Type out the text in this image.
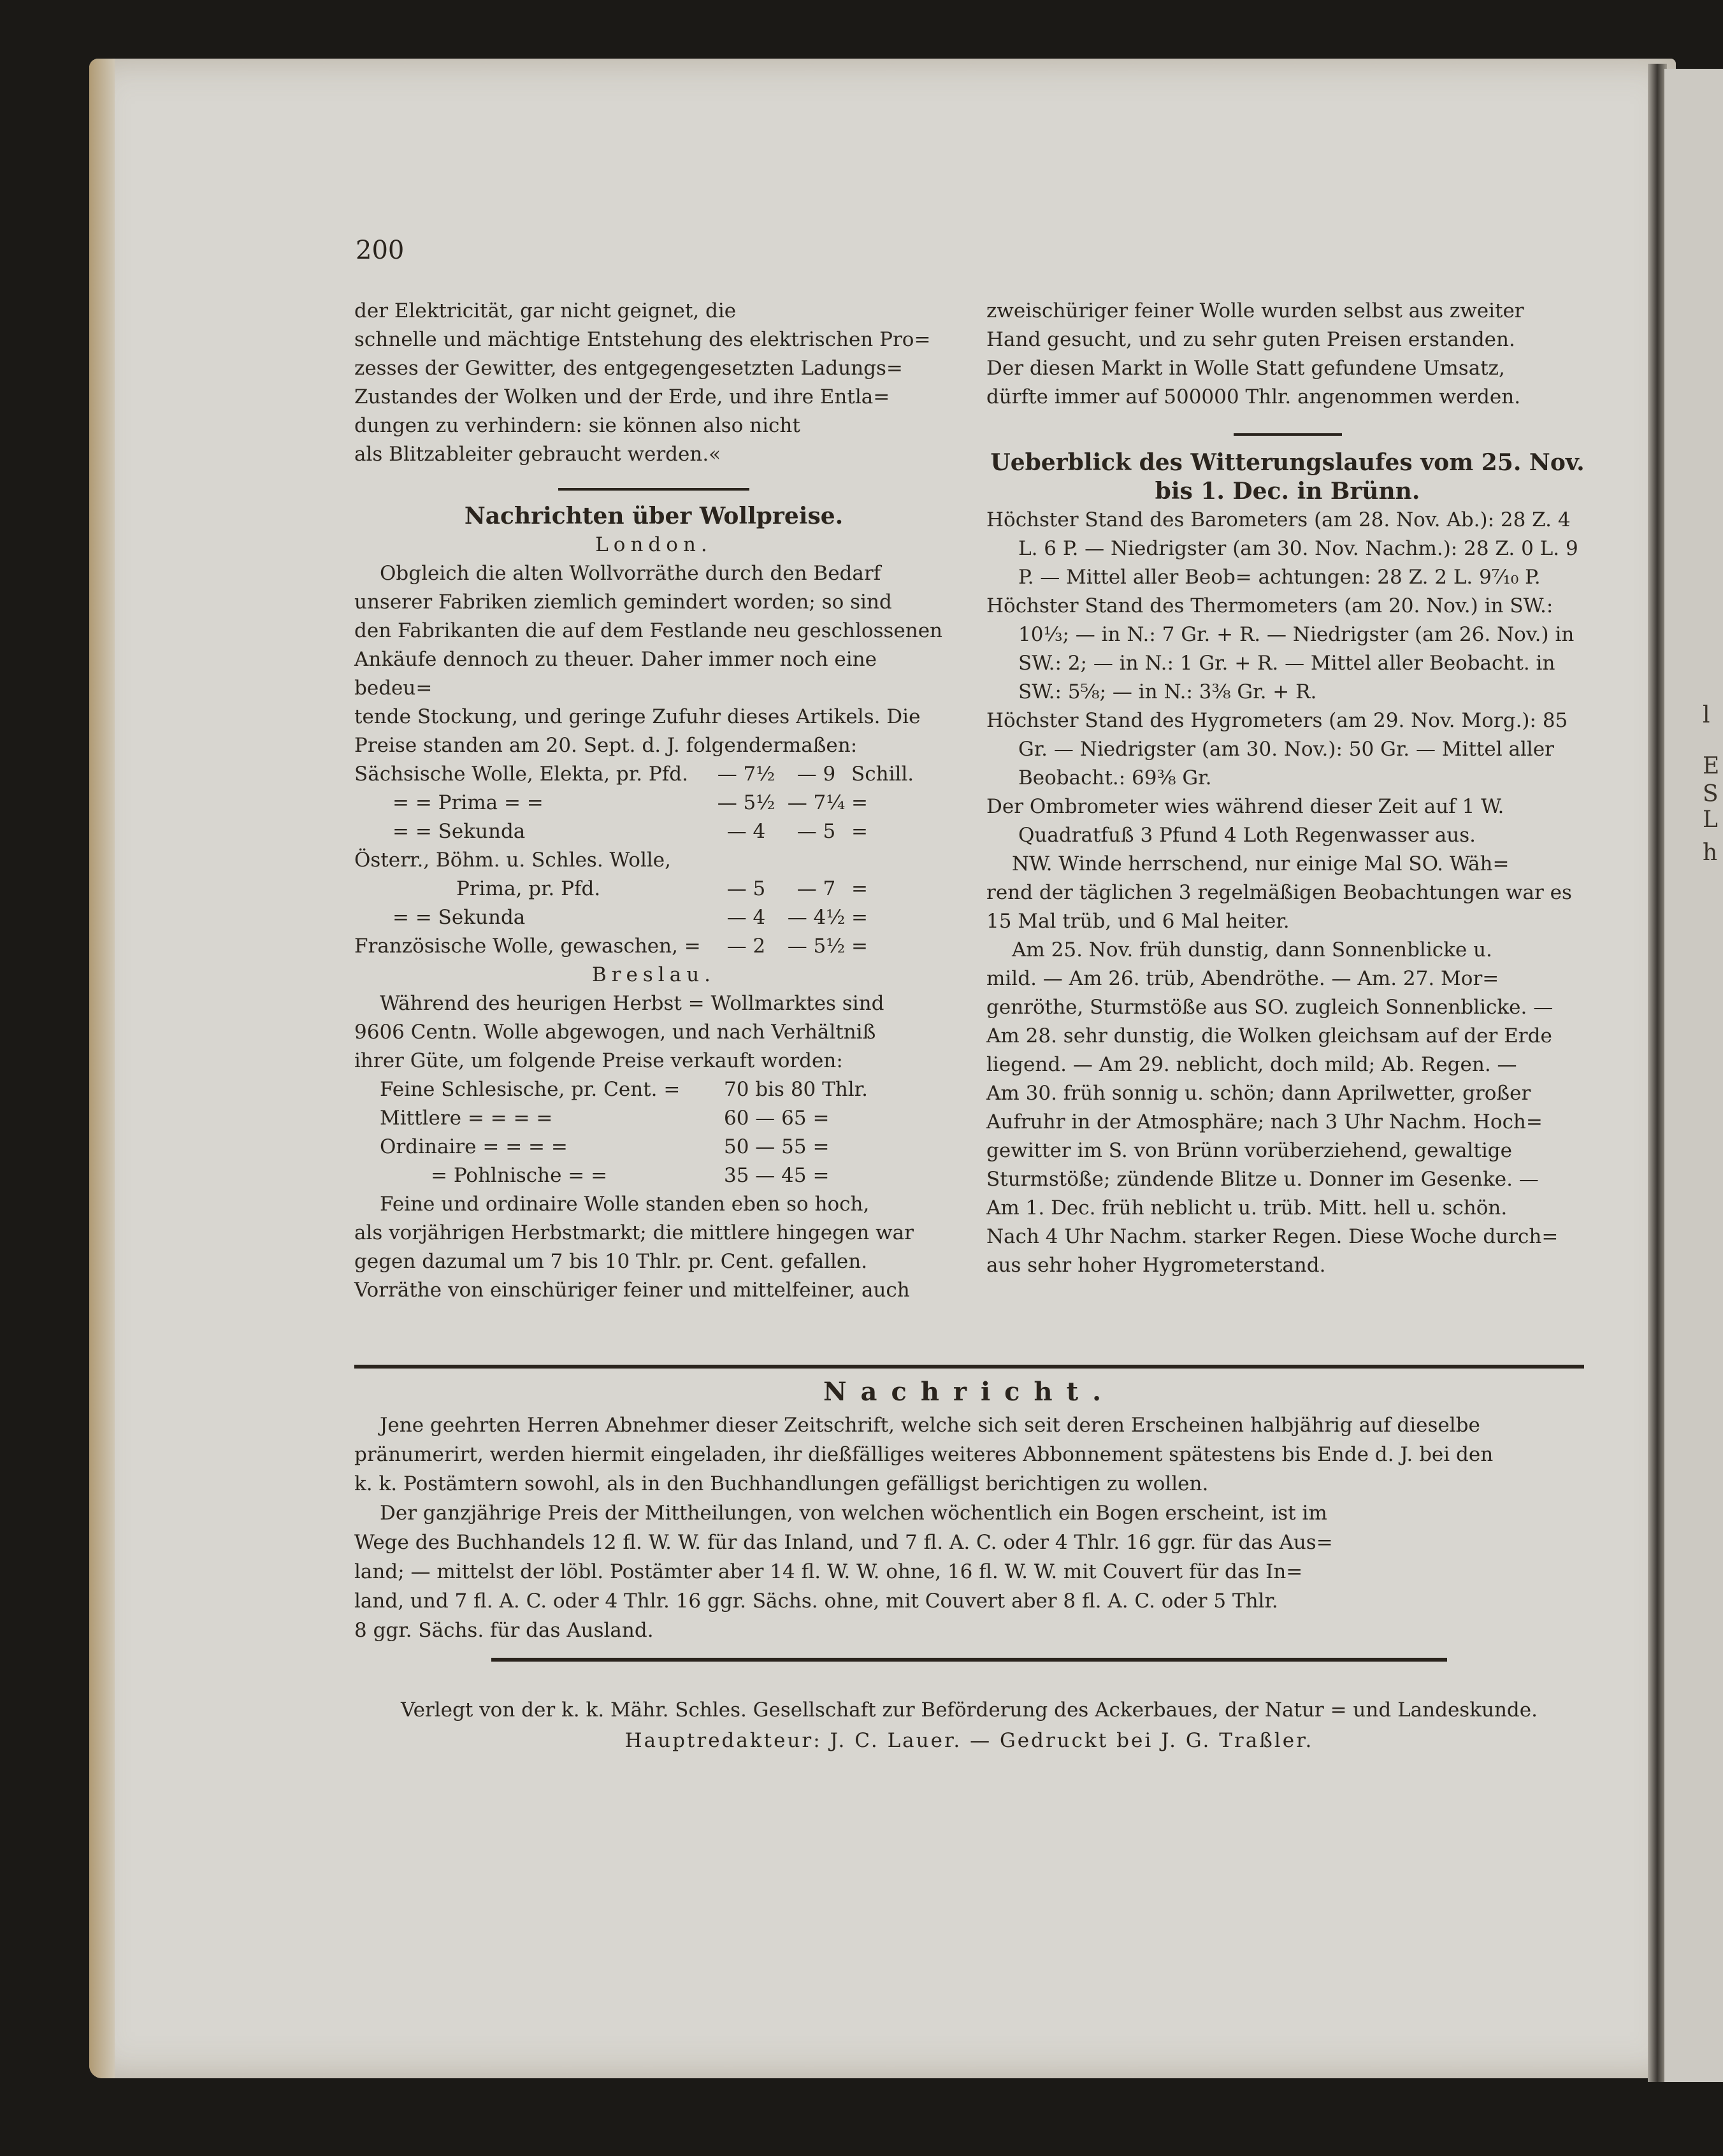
l
E
S
L
h
200

der Elektricität, gar nicht geignet, die

schnelle und mächtige Entstehung des elektrischen Pro=

zesses der Gewitter, des entgegengesetzten Ladungs=

Zustandes der Wolken und der Erde, und ihre Entla=

dungen zu verhindern: sie können also nicht

als Blitzableiter gebraucht werden.«

Nachrichten über Wollpreise.

London.

Obgleich die alten Wollvorräthe durch den Bedarf

unserer Fabriken ziemlich gemindert worden; so sind

den Fabrikanten die auf dem Festlande neu geschlossenen

Ankäufe dennoch zu theuer. Daher immer noch eine bedeu=

tende Stockung, und geringe Zufuhr dieses Artikels. Die

Preise standen am 20. Sept. d. J. folgendermaßen:

Sächsische Wolle, Elekta, pr. Pfd.	— 7½	— 9 Schill.
= = Prima = =	— 5½ — 7¼ =
= = Sekunda	— 4	— 5 =
Österr., Böhm. u. Schles. Wolle,
Prima, pr. Pfd.	— 5	— 7 =
= = Sekunda	— 4	— 4½ =
Französische Wolle, gewaschen, =	— 2	— 5½ =

Breslau.

Während des heurigen Herbst = Wollmarktes sind

9606 Centn. Wolle abgewogen, und nach Verhältniß

ihrer Güte, um folgende Preise verkauft worden:

Feine Schlesische, pr. Cent. =	70 bis 80 Thlr.
Mittlere = = = =	60 — 65 =
Ordinaire = = = =	50 — 55 =
= Pohlnische = =	35 — 45 =

Feine und ordinaire Wolle standen eben so hoch,

als vorjährigen Herbstmarkt; die mittlere hingegen war

gegen dazumal um 7 bis 10 Thlr. pr. Cent. gefallen.

Vorräthe von einschüriger feiner und mittelfeiner, auch

zweischüriger feiner Wolle wurden selbst aus zweiter

Hand gesucht, und zu sehr guten Preisen erstanden.

Der diesen Markt in Wolle Statt gefundene Umsatz,

dürfte immer auf 500000 Thlr. angenommen werden.

Ueberblick des Witterungslaufes vom 25. Nov.

bis 1. Dec. in Brünn.

Höchster Stand des Barometers (am 28. Nov. Ab.): 28 Z. 4 L. 6 P. — Niedrigster (am 30. Nov. Nachm.): 28 Z. 0 L. 9 P. — Mittel aller Beob= achtungen: 28 Z. 2 L. 9⁷⁄₁₀ P.

Höchster Stand des Thermometers (am 20. Nov.) in SW.: 10⅓; — in N.: 7 Gr. + R. — Niedrigster (am 26. Nov.) in SW.: 2; — in N.: 1 Gr. + R. — Mittel aller Beobacht. in SW.: 5⅝; — in N.: 3⅜ Gr. + R.

Höchster Stand des Hygrometers (am 29. Nov. Morg.): 85 Gr. — Niedrigster (am 30. Nov.): 50 Gr. — Mittel aller Beobacht.: 69⅜ Gr.

Der Ombrometer wies während dieser Zeit auf 1 W. Quadratfuß 3 Pfund 4 Loth Regenwasser aus.

NW. Winde herrschend, nur einige Mal SO. Wäh=

rend der täglichen 3 regelmäßigen Beobachtungen war es

15 Mal trüb, und 6 Mal heiter.

Am 25. Nov. früh dunstig, dann Sonnenblicke u.

mild. — Am 26. trüb, Abendröthe. — Am. 27. Mor=

genröthe, Sturmstöße aus SO. zugleich Sonnenblicke. —

Am 28. sehr dunstig, die Wolken gleichsam auf der Erde

liegend. — Am 29. neblicht, doch mild; Ab. Regen. —

Am 30. früh sonnig u. schön; dann Aprilwetter, großer

Aufruhr in der Atmosphäre; nach 3 Uhr Nachm. Hoch=

gewitter im S. von Brünn vorüberziehend, gewaltige

Sturmstöße; zündende Blitze u. Donner im Gesenke. —

Am 1. Dec. früh neblicht u. trüb. Mitt. hell u. schön.

Nach 4 Uhr Nachm. starker Regen. Diese Woche durch=

aus sehr hoher Hygrometerstand.

Nachricht.

Jene geehrten Herren Abnehmer dieser Zeitschrift, welche sich seit deren Erscheinen halbjährig auf dieselbe

pränumerirt, werden hiermit eingeladen, ihr dießfälliges weiteres Abbonnement spätestens bis Ende d. J. bei den

k. k. Postämtern sowohl, als in den Buchhandlungen gefälligst berichtigen zu wollen.

Der ganzjährige Preis der Mittheilungen, von welchen wöchentlich ein Bogen erscheint, ist im

Wege des Buchhandels 12 fl. W. W. für das Inland, und 7 fl. A. C. oder 4 Thlr. 16 ggr. für das Aus=

land; — mittelst der löbl. Postämter aber 14 fl. W. W. ohne, 16 fl. W. W. mit Couvert für das In=

land, und 7 fl. A. C. oder 4 Thlr. 16 ggr. Sächs. ohne, mit Couvert aber 8 fl. A. C. oder 5 Thlr.

8 ggr. Sächs. für das Ausland.

Verlegt von der k. k. Mähr. Schles. Gesellschaft zur Beförderung des Ackerbaues, der Natur = und Landeskunde.

Hauptredakteur: J. C. Lauer. — Gedruckt bei J. G. Traßler.
